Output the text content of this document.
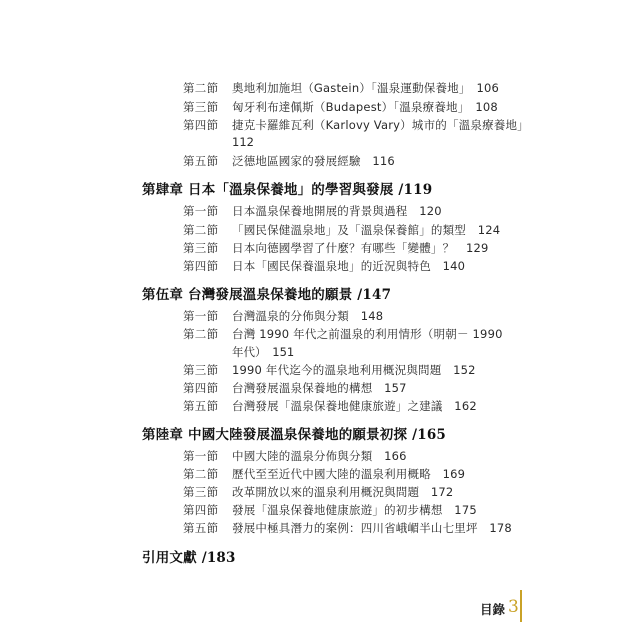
第二節 奧地利加施坦（Gastein）「溫泉運動保養地」　106
第三節 匈牙利布達佩斯（Budapest）「溫泉療養地」　108
第四節 捷克卡羅維瓦利（Karlovy Vary）城市的「溫泉療養地」
112
第五節 泛德地區國家的發展經驗　116
第肆章 日本「溫泉保養地」的學習與發展 /119
第一節 日本溫泉保養地開展的背景與過程　120
第二節 「國民保健溫泉地」及「溫泉保養館」的類型　124
第三節 日本向德國學習了什麼？有哪些「變體」？　129
第四節 日本「國民保養溫泉地」的近況與特色　140
第伍章 台灣發展溫泉保養地的願景 /147
第一節 台灣溫泉的分佈與分類　148
第二節 台灣 1990 年代之前溫泉的利用情形（明朝－ 1990
年代）　151
第三節 1990 年代迄今的溫泉地利用概況與問題　152
第四節 台灣發展溫泉保養地的構想　157
第五節 台灣發展「溫泉保養地健康旅遊」之建議　162
第陸章 中國大陸發展溫泉保養地的願景初探 /165
第一節 中國大陸的溫泉分佈與分類　166
第二節 歷代至至近代中國大陸的溫泉利用概略　169
第三節 改革開放以來的溫泉利用概況與問題　172
第四節 發展「溫泉保養地健康旅遊」的初步構想　175
第五節 發展中極具潛力的案例：四川省峨嵋半山七里坪　178
引用文獻 /183
目錄 3
